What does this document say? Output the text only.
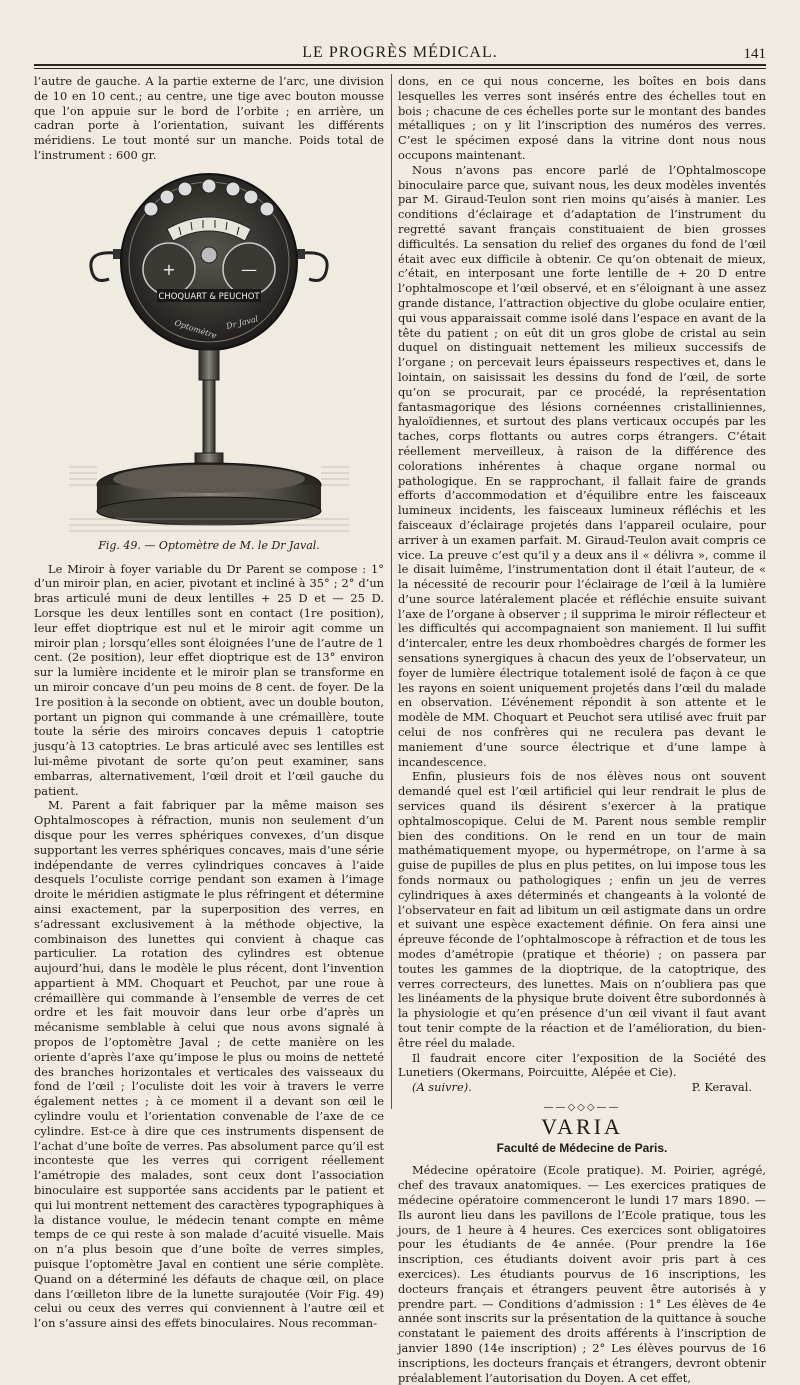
LE PROGRÈS MÉDICAL.	141

l’autre de gauche. A la partie externe de l’arc, une division de 10 en 10 cent.; au centre, une tige avec bouton mousse que l’on appuie sur le bord de l’orbite ; en arrière, un cadran porte à l’orientation, suivant les différents méridiens. Le tout monté sur un manche. Poids total de l’instrument : 600 gr.

+	—
CHOQUART & PEUCHOT
Optomètre Dr Javal
Fig. 49. — Optomètre de M. le Dr Javal.

Le Miroir à foyer variable du Dr Parent se compose : 1° d’un miroir plan, en acier, pivotant et incliné à 35° ; 2° d’un bras articulé muni de deux lentilles + 25 D et — 25 D. Lorsque les deux lentilles sont en contact (1re position), leur effet dioptrique est nul et le miroir agit comme un miroir plan ; lorsqu’elles sont éloignées l’une de l’autre de 1 cent. (2e position), leur effet dioptrique est de 13° environ sur la lumière incidente et le miroir plan se transforme en un miroir concave d’un peu moins de 8 cent. de foyer. De la 1re position à la seconde on obtient, avec un double bouton, portant un pignon qui commande à une crémaillère, toute toute la série des miroirs concaves depuis 1 catoptrie jusqu’à 13 catoptries. Le bras articulé avec ses lentilles est lui-même pivotant de sorte qu’on peut examiner, sans embarras, alternativement, l’œil droit et l’œil gauche du patient.

M. Parent a fait fabriquer par la même maison ses Ophtalmoscopes à réfraction, munis non seulement d’un disque pour les verres sphériques convexes, d’un disque supportant les verres sphériques concaves, mais d’une série indépendante de verres cylindriques concaves à l’aide desquels l’oculiste corrige pendant son examen à l’image droite le méridien astigmate le plus réfringent et détermine ainsi exactement, par la superposition des verres, en s’adressant exclusivement à la méthode objective, la combinaison des lunettes qui convient à chaque cas particulier. La rotation des cylindres est obtenue aujourd’hui, dans le modèle le plus récent, dont l’invention appartient à MM. Choquart et Peuchot, par une roue à crémaillère qui commande à l’ensemble de verres de cet ordre et les fait mouvoir dans leur orbe d’après un mécanisme semblable à celui que nous avons signalé à propos de l’optomètre Javal ; de cette manière on les oriente d’après l’axe qu’impose le plus ou moins de netteté des branches horizontales et verticales des vaisseaux du fond de l’œil ; l’oculiste doit les voir à travers le verre également nettes ; à ce moment il a devant son œil le cylindre voulu et l’orientation convenable de l’axe de ce cylindre. Est-ce à dire que ces instruments dispensent de l’achat d’une boîte de verres. Pas absolument parce qu’il est inconteste que les verres qui corrigent réellement l’amétropie des malades, sont ceux dont l’association binoculaire est supportée sans accidents par le patient et qui lui montrent nettement des caractères typographiques à la distance voulue, le médecin tenant compte en même temps de ce qui reste à son malade d’acuité visuelle. Mais on n’a plus besoin que d’une boîte de verres simples, puisque l’optomètre Javal en contient une série complète. Quand on a déterminé les défauts de chaque œil, on place dans l’œilleton libre de la lunette surajoutée (Voir Fig. 49) celui ou ceux des verres qui conviennent à l’autre œil et l’on s’assure ainsi des effets binoculaires. Nous recomman-

dons, en ce qui nous concerne, les boîtes en bois dans lesquelles les verres sont insérés entre des échelles tout en bois ; chacune de ces échelles porte sur le montant des bandes métalliques ; on y lit l’inscription des numéros des verres. C’est le spécimen exposé dans la vitrine dont nous nous occupons maintenant.

Nous n’avons pas encore parlé de l’Ophtalmoscope binoculaire parce que, suivant nous, les deux modèles inventés par M. Giraud-Teulon sont rien moins qu’aisés à manier. Les conditions d’éclairage et d’adaptation de l’instrument du regretté savant français constituaient de bien grosses difficultés. La sensation du relief des organes du fond de l’œil était avec eux difficile à obtenir. Ce qu’on obtenait de mieux, c’était, en interposant une forte lentille de + 20 D entre l’ophtalmoscope et l’œil observé, et en s’éloignant à une assez grande distance, l’attraction objective du globe oculaire entier, qui vous apparaissait comme isolé dans l’espace en avant de la tête du patient ; on eût dit un gros globe de cristal au sein duquel on distinguait nettement les milieux successifs de l’organe ; on percevait leurs épaisseurs respectives et, dans le lointain, on saisissait les dessins du fond de l’œil, de sorte qu’on se procurait, par ce procédé, la représentation fantasmagorique des lésions cornéennes cristalliniennes, hyaloïdiennes, et surtout des plans verticaux occupés par les taches, corps flottants ou autres corps étrangers. C’était réellement merveilleux, à raison de la différence des colorations inhérentes à chaque organe normal ou pathologique. En se rapprochant, il fallait faire de grands efforts d’accommodation et d’équilibre entre les faisceaux lumineux incidents, les faisceaux lumineux réfléchis et les faisceaux d’éclairage projetés dans l’appareil oculaire, pour arriver à un examen parfait. M. Giraud-Teulon avait compris ce vice. La preuve c’est qu’il y a deux ans il « délivra », comme il le disait luimême, l’instrumentation dont il était l’auteur, de « la nécessité de recourir pour l’éclairage de l’œil à la lumière d’une source latéralement placée et réfléchie ensuite suivant l’axe de l’organe à observer ; il supprima le miroir réflecteur et les difficultés qui accompagnaient son maniement. Il lui suffit d’intercaler, entre les deux rhomboèdres chargés de former les sensations synergiques à chacun des yeux de l’observateur, un foyer de lumière électrique totalement isolé de façon à ce que les rayons en soient uniquement projetés dans l’œil du malade en observation. L’événement répondit à son attente et le modèle de MM. Choquart et Peuchot sera utilisé avec fruit par celui de nos confrères qui ne reculera pas devant le maniement d’une source électrique et d’une lampe à incandescence.

Enfin, plusieurs fois de nos élèves nous ont souvent demandé quel est l’œil artificiel qui leur rendrait le plus de services quand ils désirent s’exercer à la pratique ophtalmoscopique. Celui de M. Parent nous semble remplir bien des conditions. On le rend en un tour de main mathématiquement myope, ou hypermétrope, on l’arme à sa guise de pupilles de plus en plus petites, on lui impose tous les fonds normaux ou pathologiques ; enfin un jeu de verres cylindriques à axes déterminés et changeants à la volonté de l’observateur en fait ad libitum un œil astigmate dans un ordre et suivant une espèce exactement définie. On fera ainsi une épreuve féconde de l’ophtalmoscope à réfraction et de tous les modes d’amétropie (pratique et théorie) ; on passera par toutes les gammes de la dioptrique, de la catoptrique, des verres correcteurs, des lunettes. Mais on n’oubliera pas que les linéaments de la physique brute doivent être subordonnés à la physiologie et qu’en présence d’un œil vivant il faut avant tout tenir compte de la réaction et de l’amélioration, du bien-être réel du malade.

Il faudrait encore citer l’exposition de la Société des Lunetiers (Okermans, Poircuitte, Alépée et Cie).

(A suivre).	P. Keraval.
——◇◇◇——
VARIA
Faculté de Médecine de Paris.

Médecine opératoire (Ecole pratique). M. Poirier, agrégé, chef des travaux anatomiques. — Les exercices pratiques de médecine opératoire commenceront le lundi 17 mars 1890. — Ils auront lieu dans les pavillons de l’Ecole pratique, tous les jours, de 1 heure à 4 heures. Ces exercices sont obligatoires pour les étudiants de 4e année. (Pour prendre la 16e inscription, ces étudiants doivent avoir pris part à ces exercices). Les étudiants pourvus de 16 inscriptions, les docteurs français et étrangers peuvent être autorisés à y prendre part. — Conditions d’admission : 1° Les élèves de 4e année sont inscrits sur la présentation de la quittance à souche constatant le paiement des droits afférents à l’inscription de janvier 1890 (14e inscription) ; 2° Les élèves pourvus de 16 inscriptions, les docteurs français et étrangers, devront obtenir préalablement l’autorisation du Doyen. A cet effet,
